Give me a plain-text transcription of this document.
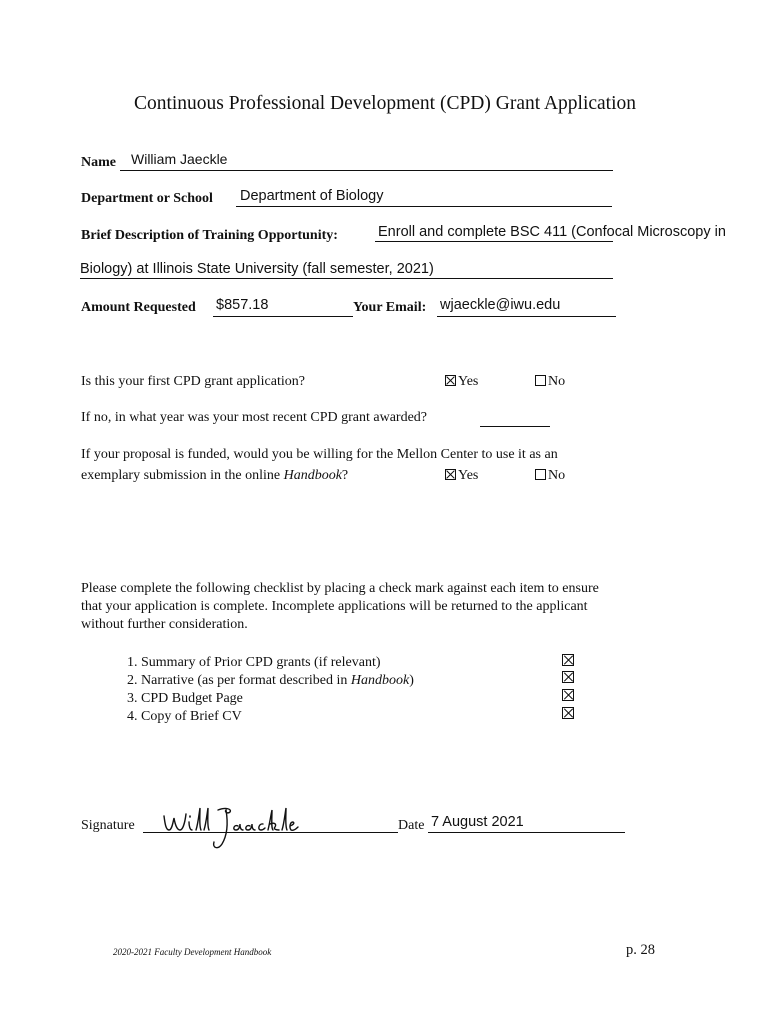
Continuous Professional Development (CPD) Grant Application
Name William Jaeckle
Department or School Department of Biology
Brief Description of Training Opportunity:	Enroll and complete BSC 411 (Confocal Microscopy in
Biology) at Illinois State University (fall semester, 2021)
Amount Requested $857.18	Your Email: wjaeckle@iwu.edu
Is this your first CPD grant application?	Yes	No
If no, in what year was your most recent CPD grant awarded?
If your proposal is funded, would you be willing for the Mellon Center to use it as an
exemplary submission in the online Handbook?	Yes	No
Please complete the following checklist by placing a check mark against each item to ensure
that your application is complete. Incomplete applications will be returned to the applicant
without further consideration.
1. Summary of Prior CPD grants (if relevant)
2. Narrative (as per format described in Handbook)
3. CPD Budget Page
4. Copy of Brief CV
Signature	Date 7 August 2021
2020-2021 Faculty Development Handbook	p. 28
